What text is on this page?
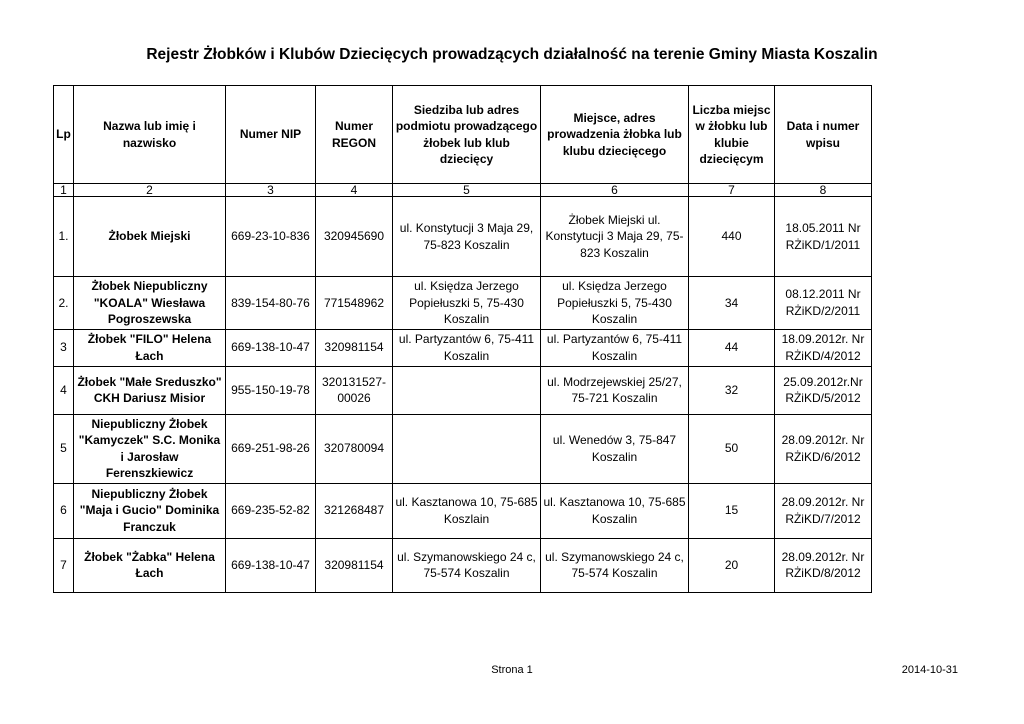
Rejestr Żłobków i Klubów Dziecięcych prowadzących działalność na terenie Gminy Miasta Koszalin
Lp	Nazwa lub imię i nazwisko	Numer NIP	Numer REGON	Siedziba lub adres podmiotu prowadzącego żłobek lub klub dziecięcy	Miejsce, adres prowadzenia żłobka lub klubu dziecięcego	Liczba miejsc w żłobku lub klubie dziecięcym	Data i numer wpisu
1	2	3	4	5	6	7	8
1.	Żłobek Miejski	669-23-10-836	320945690	ul. Konstytucji 3 Maja 29, 75-823 Koszalin	Żłobek Miejski ul. Konstytucji 3 Maja 29, 75-823 Koszalin	440	18.05.2011 Nr RŻiKD/1/2011
2.	Żłobek Niepubliczny "KOALA" Wiesława Pogroszewska	839-154-80-76	771548962	ul. Księdza Jerzego Popiełuszki 5, 75-430 Koszalin	ul. Księdza Jerzego Popiełuszki 5, 75-430 Koszalin	34	08.12.2011 Nr RŻiKD/2/2011
3	Żłobek "FILO" Helena Łach	669-138-10-47	320981154	ul. Partyzantów 6, 75-411 Koszalin	ul. Partyzantów 6, 75-411 Koszalin	44	18.09.2012r. Nr RŻiKD/4/2012
4	Żłobek "Małe Sreduszko" CKH Dariusz Misior	955-150-19-78	320131527-00026		ul. Modrzejewskiej 25/27, 75-721 Koszalin	32	25.09.2012r.Nr RŻiKD/5/2012
5	Niepubliczny Żłobek "Kamyczek" S.C. Monika i Jarosław Ferenszkiewicz	669-251-98-26	320780094		ul. Wenedów 3, 75-847 Koszalin	50	28.09.2012r. Nr RŻiKD/6/2012
6	Niepubliczny Żłobek "Maja i Gucio" Dominika Franczuk	669-235-52-82	321268487	ul. Kasztanowa 10, 75-685 Koszlain	ul. Kasztanowa 10, 75-685 Koszalin	15	28.09.2012r. Nr RŻiKD/7/2012
7	Żłobek "Żabka" Helena Łach	669-138-10-47	320981154	ul. Szymanowskiego 24 c, 75-574 Koszalin	ul. Szymanowskiego 24 c, 75-574 Koszalin	20	28.09.2012r. Nr RŻiKD/8/2012
Strona 1	2014-10-31
